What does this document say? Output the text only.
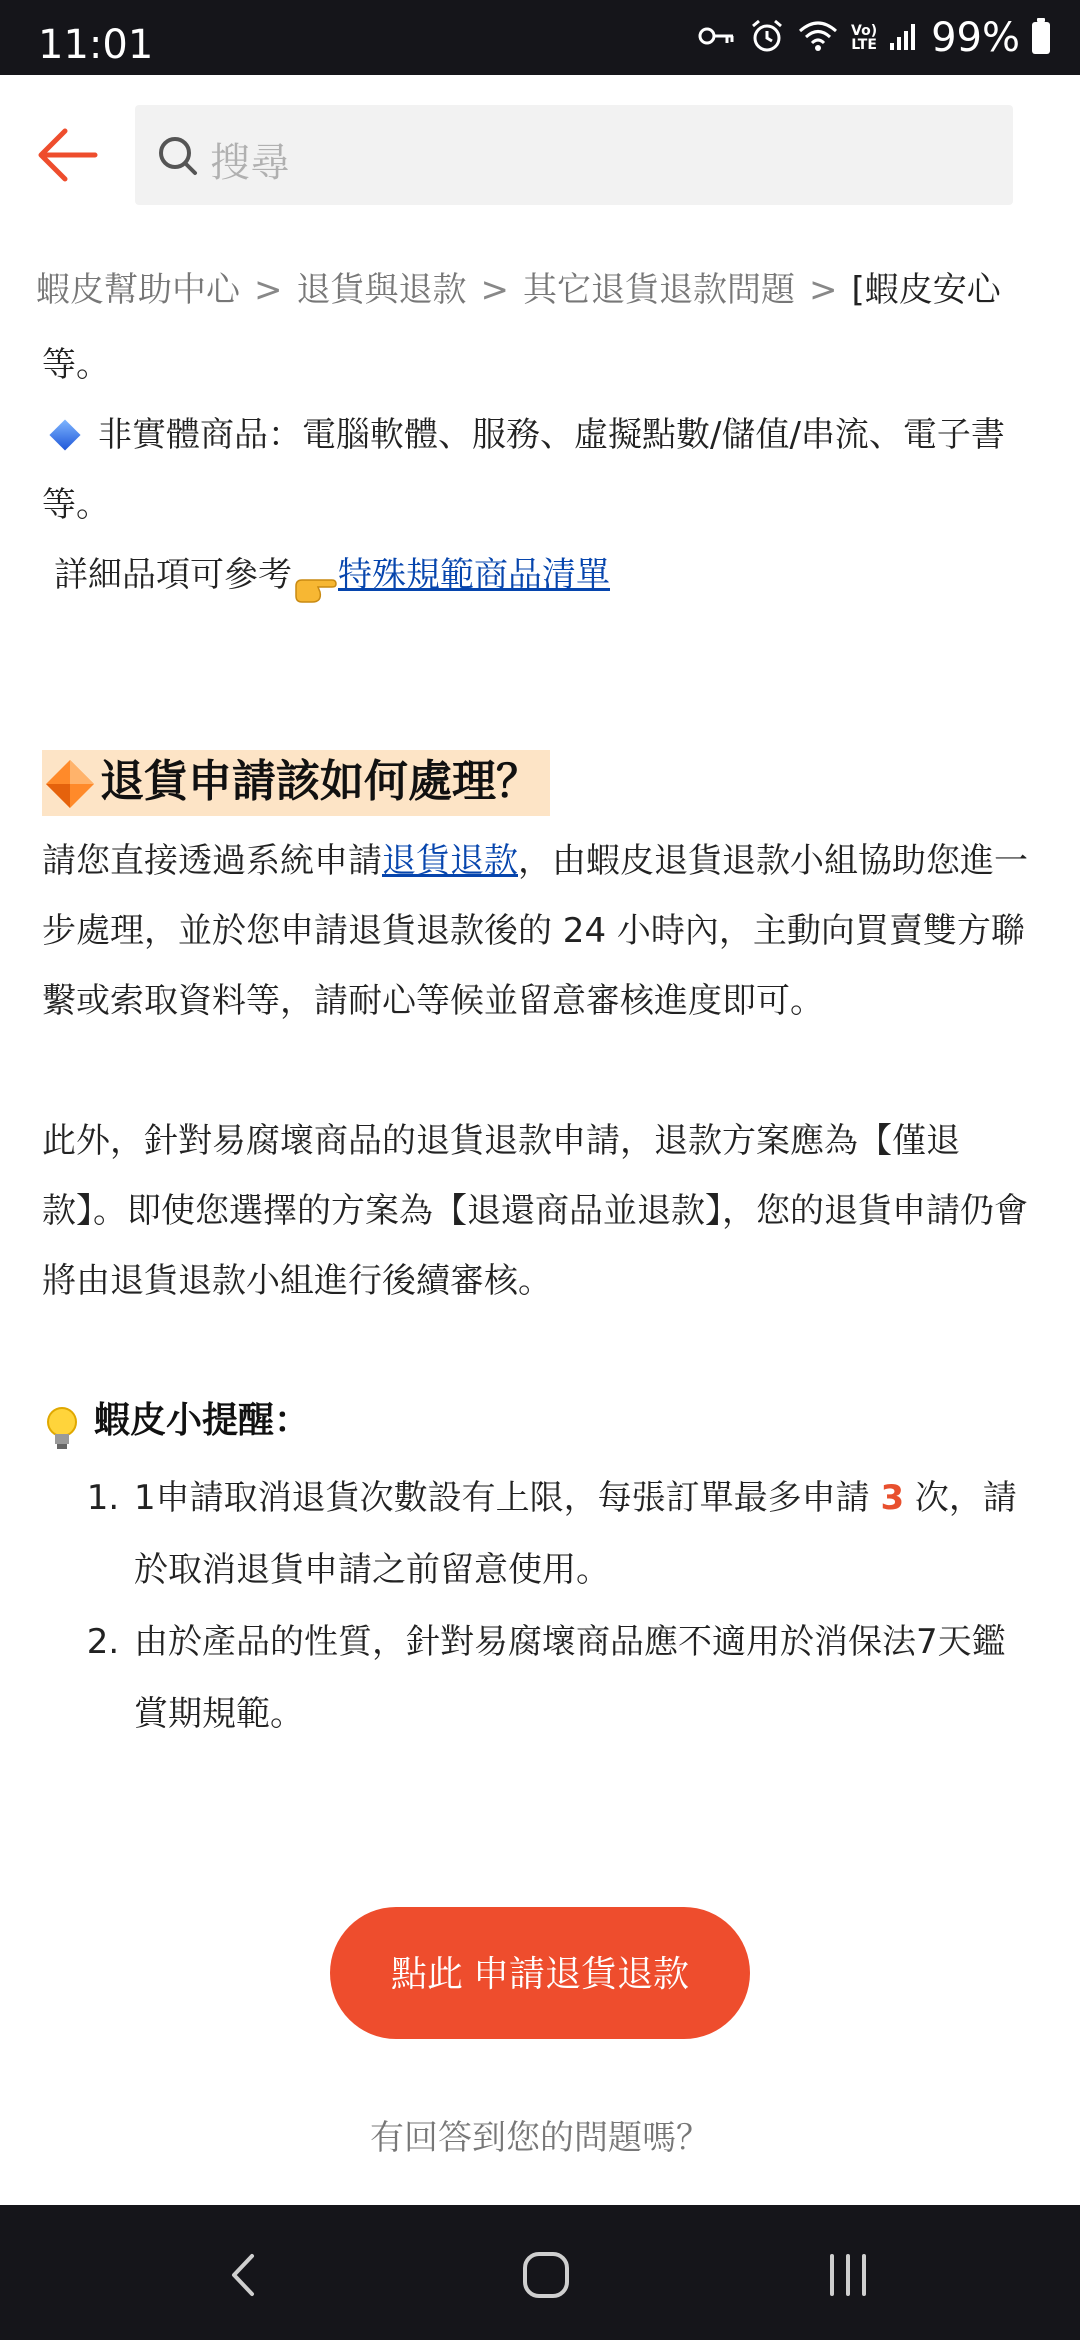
11:01	Vo)
LTE 99%
搜尋
蝦皮幫助中心 > 退貨與退款 > 其它退貨退款問題 > [蝦皮安心

等。

非實體商品：電腦軟體、服務、虛擬點數/儲值/串流、電子書等。

詳細品項可參考 特殊規範商品清單

退貨申請該如何處理？

請您直接透過系統申請退貨退款，由蝦皮退貨退款小組協助您進一步處理，並於您申請退貨退款後的 24 小時內，主動向買賣雙方聯繫或索取資料等，請耐心等候並留意審核進度即可。

此外，針對易腐壞商品的退貨退款申請，退款方案應為【僅退款】。即使您選擇的方案為【退還商品並退款】，您的退貨申請仍會將由退貨退款小組進行後續審核。

蝦皮小提醒：
1. 1申請取消退貨次數設有上限，每張訂單最多申請 3 次，請於取消退貨申請之前留意使用。
2. 由於產品的性質，針對易腐壞商品應不適用於消保法7天鑑賞期規範。
點此 申請退貨退款
有回答到您的問題嗎？
